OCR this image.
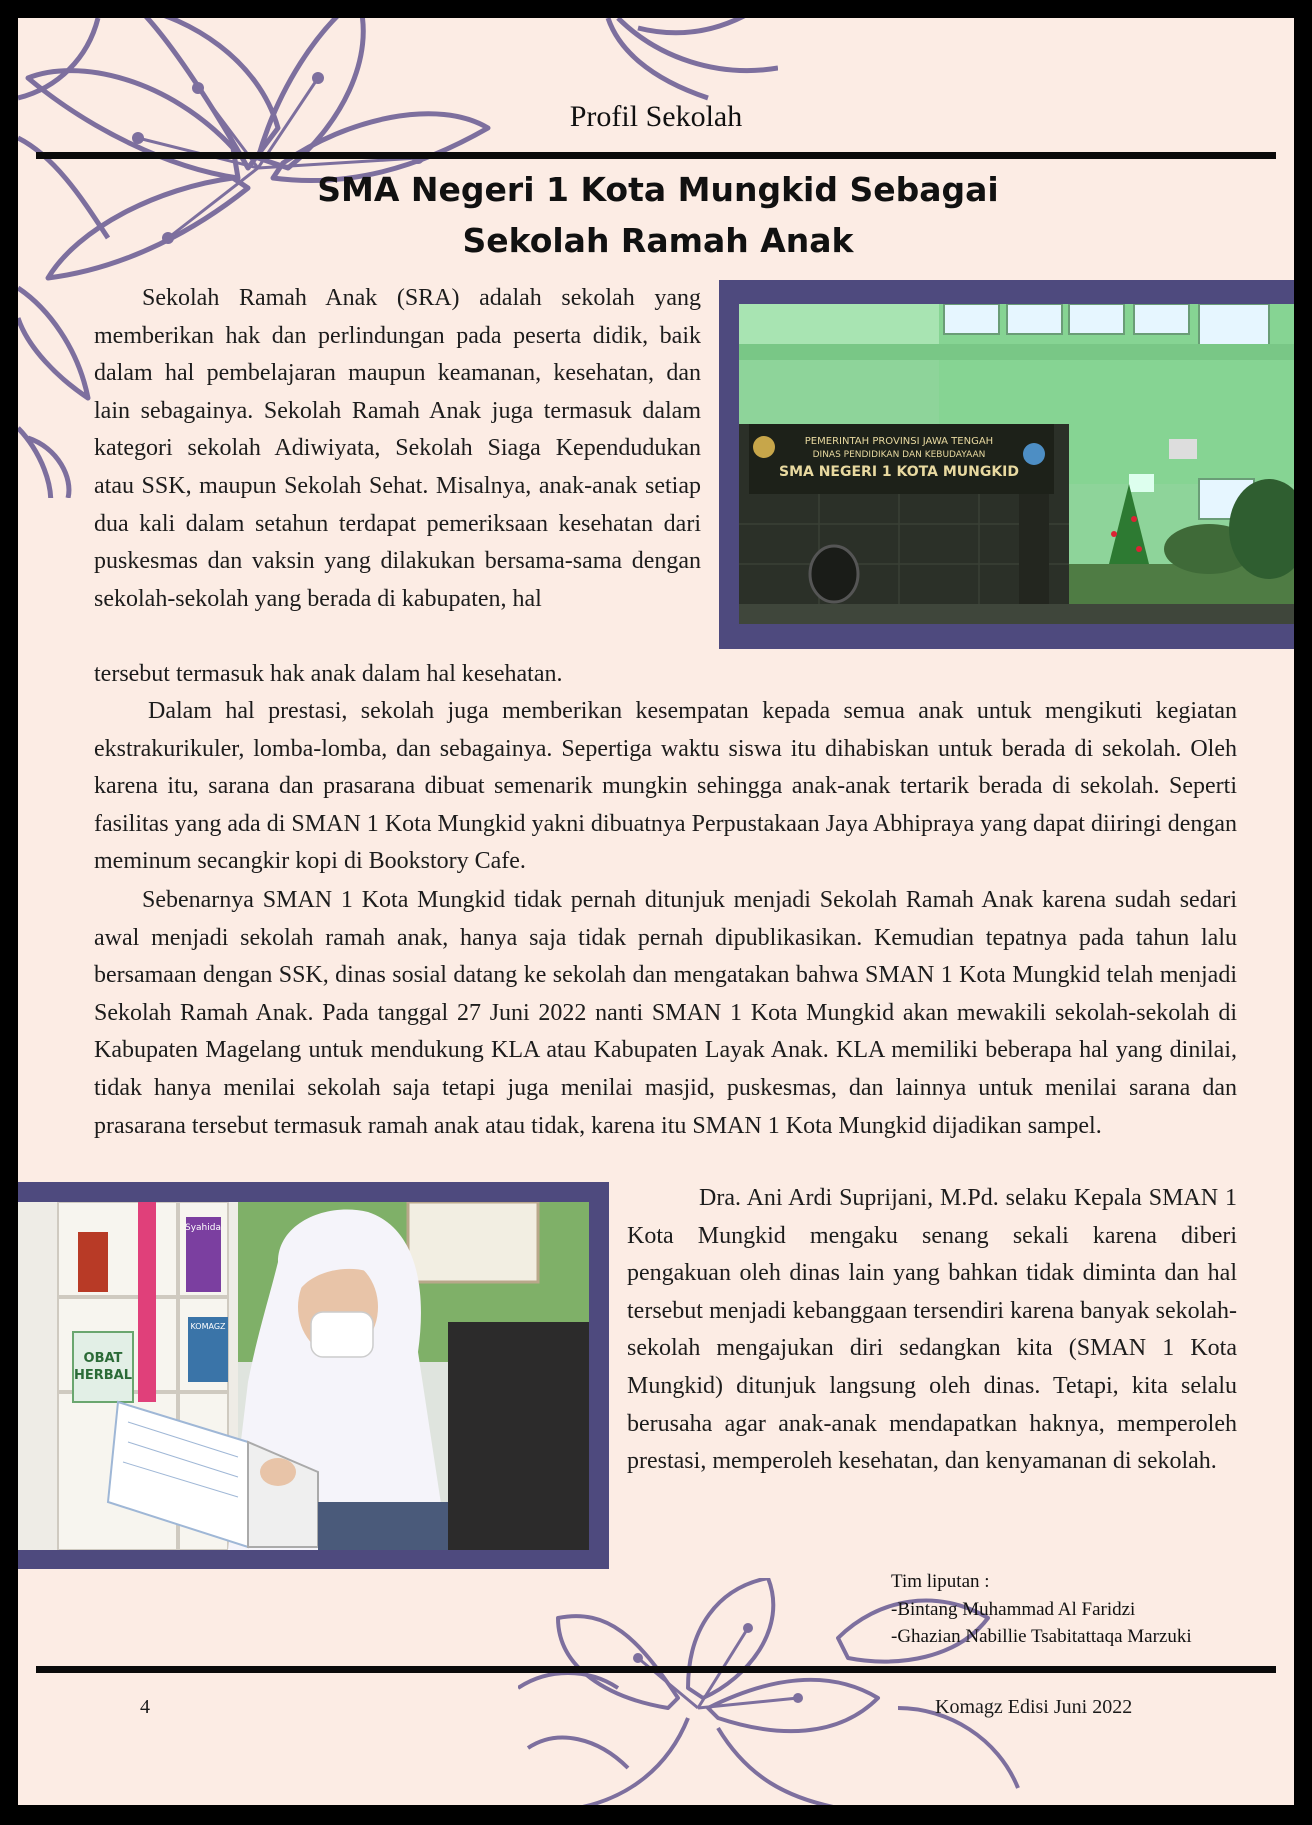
Profil Sekolah
SMA Negeri 1 Kota Mungkid Sebagai
Sekolah Ramah Anak
Sekolah Ramah Anak (SRA) adalah sekolah yang memberikan hak dan perlindungan pada peserta didik, baik dalam hal pembelajaran maupun keamanan, kesehatan, dan lain sebagainya. Sekolah Ramah Anak juga termasuk dalam kategori sekolah Adiwiyata, Sekolah Siaga Kependudukan atau SSK, maupun Sekolah Sehat. Misalnya, anak-anak setiap dua kali dalam setahun terdapat pemeriksaan kesehatan dari puskesmas dan vaksin yang dilakukan bersama-sama dengan sekolah-sekolah yang berada di kabupaten, hal
tersebut termasuk hak anak dalam hal kesehatan.
PEMERINTAH PROVINSI JAWA TENGAH
DINAS PENDIDIKAN DAN KEBUDAYAAN
SMA NEGERI 1 KOTA MUNGKID
Dalam hal prestasi, sekolah juga memberikan kesempatan kepada semua anak untuk mengikuti kegiatan ekstrakurikuler, lomba-lomba, dan sebagainya. Sepertiga waktu siswa itu dihabiskan untuk berada di sekolah. Oleh karena itu, sarana dan prasarana dibuat semenarik mungkin sehingga anak-anak tertarik berada di sekolah. Seperti fasilitas yang ada di SMAN 1 Kota Mungkid yakni dibuatnya Perpustakaan Jaya Abhipraya yang dapat diiringi dengan meminum secangkir kopi di Bookstory Cafe.
Sebenarnya SMAN 1 Kota Mungkid tidak pernah ditunjuk menjadi Sekolah Ramah Anak karena sudah sedari awal menjadi sekolah ramah anak, hanya saja tidak pernah dipublikasikan. Kemudian tepatnya pada tahun lalu bersamaan dengan SSK, dinas sosial datang ke sekolah dan mengatakan bahwa SMAN 1 Kota Mungkid telah menjadi Sekolah Ramah Anak. Pada tanggal 27 Juni 2022 nanti SMAN 1 Kota Mungkid akan mewakili sekolah-sekolah di Kabupaten Magelang untuk mendukung KLA atau Kabupaten Layak Anak. KLA memiliki beberapa hal yang dinilai, tidak hanya menilai sekolah saja tetapi juga menilai masjid, puskesmas, dan lainnya untuk menilai sarana dan prasarana tersebut termasuk ramah anak atau tidak, karena itu SMAN 1 Kota Mungkid dijadikan sampel.
Syahida
KOMAGZ
OBAT
HERBAL
Dra. Ani Ardi Suprijani, M.Pd. selaku Kepala SMAN 1 Kota Mungkid mengaku senang sekali karena diberi pengakuan oleh dinas lain yang bahkan tidak diminta dan hal tersebut menjadi kebanggaan tersendiri karena banyak sekolah-sekolah mengajukan diri sedangkan kita (SMAN 1 Kota Mungkid) ditunjuk langsung oleh dinas. Tetapi, kita selalu berusaha agar anak-anak mendapatkan haknya, memperoleh prestasi, memperoleh kesehatan, dan kenyamanan di sekolah.
Tim liputan :
-Bintang Muhammad Al Faridzi
-Ghazian Nabillie Tsabitattaqa Marzuki
4	Komagz Edisi Juni 2022
